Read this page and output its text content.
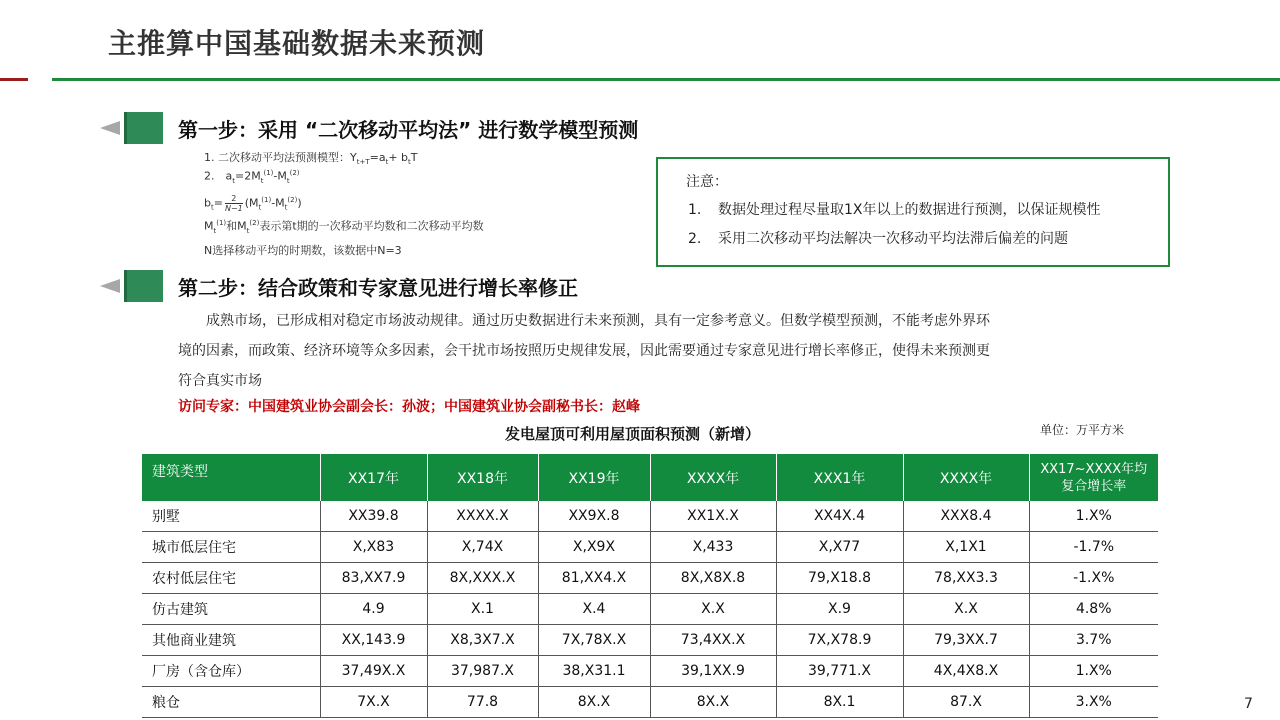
主推算中国基础数据未来预测
第一步：采用 “二次移动平均法” 进行数学模型预测
1. 二次移动平均法预测模型：$Y_{t+T}=a_t+ b_tT$
2.　$a_t=2M_t^{(1)}-M_t^{(2)}$
$b_t= \frac{2}{N-1} (M_t^{(1)}-M_t^{(2)})$
$M_t^{(1)}$和$M_t^{(2)}$表示第t期的一次移动平均数和二次移动平均数
N选择移动平均的时期数，该数据中N=3
注意：
1. 数据处理过程尽量取1X年以上的数据进行预测，以保证规模性
2. 采用二次移动平均法解决一次移动平均法滞后偏差的问题
第二步：结合政策和专家意见进行增长率修正
　　成熟市场，已形成相对稳定市场波动规律。通过历史数据进行未来预测，具有一定参考意义。但数学模型预测，不能考虑外界环
境的因素，而政策、经济环境等众多因素，会干扰市场按照历史规律发展，因此需要通过专家意见进行增长率修正，使得未来预测更
符合真实市场
访问专家：中国建筑业协会副会长：孙波；中国建筑业协会副秘书长：赵峰
发电屋顶可利用屋顶面积预测（新增）	单位：万平方米
建筑类型	XX17年	XX18年	XX19年	XXXX年	XXX1年	XXXX年	XX17~XXXX年均
复合增长率

别墅	XX39.8	XXXX.X	XX9X.8	XX1X.X	XX4X.4	XXX8.4	1.X%
城市低层住宅	X,X83	X,74X	X,X9X	X,433	X,X77	X,1X1	-1.7%
农村低层住宅	83,XX7.9	8X,XXX.X	81,XX4.X	8X,X8X.8	79,X18.8	78,XX3.3	-1.X%
仿古建筑	4.9	X.1	X.4	X.X	X.9	X.X	4.8%
其他商业建筑	XX,143.9	X8,3X7.X	7X,78X.X	73,4XX.X	7X,X78.9	79,3XX.7	3.7%
厂房（含仓库）	37,49X.X	37,987.X	38,X31.1	39,1XX.9	39,771.X	4X,4X8.X	1.X%
粮仓	7X.X	77.8	8X.X	8X.X	8X.1	87.X	3.X%	7
